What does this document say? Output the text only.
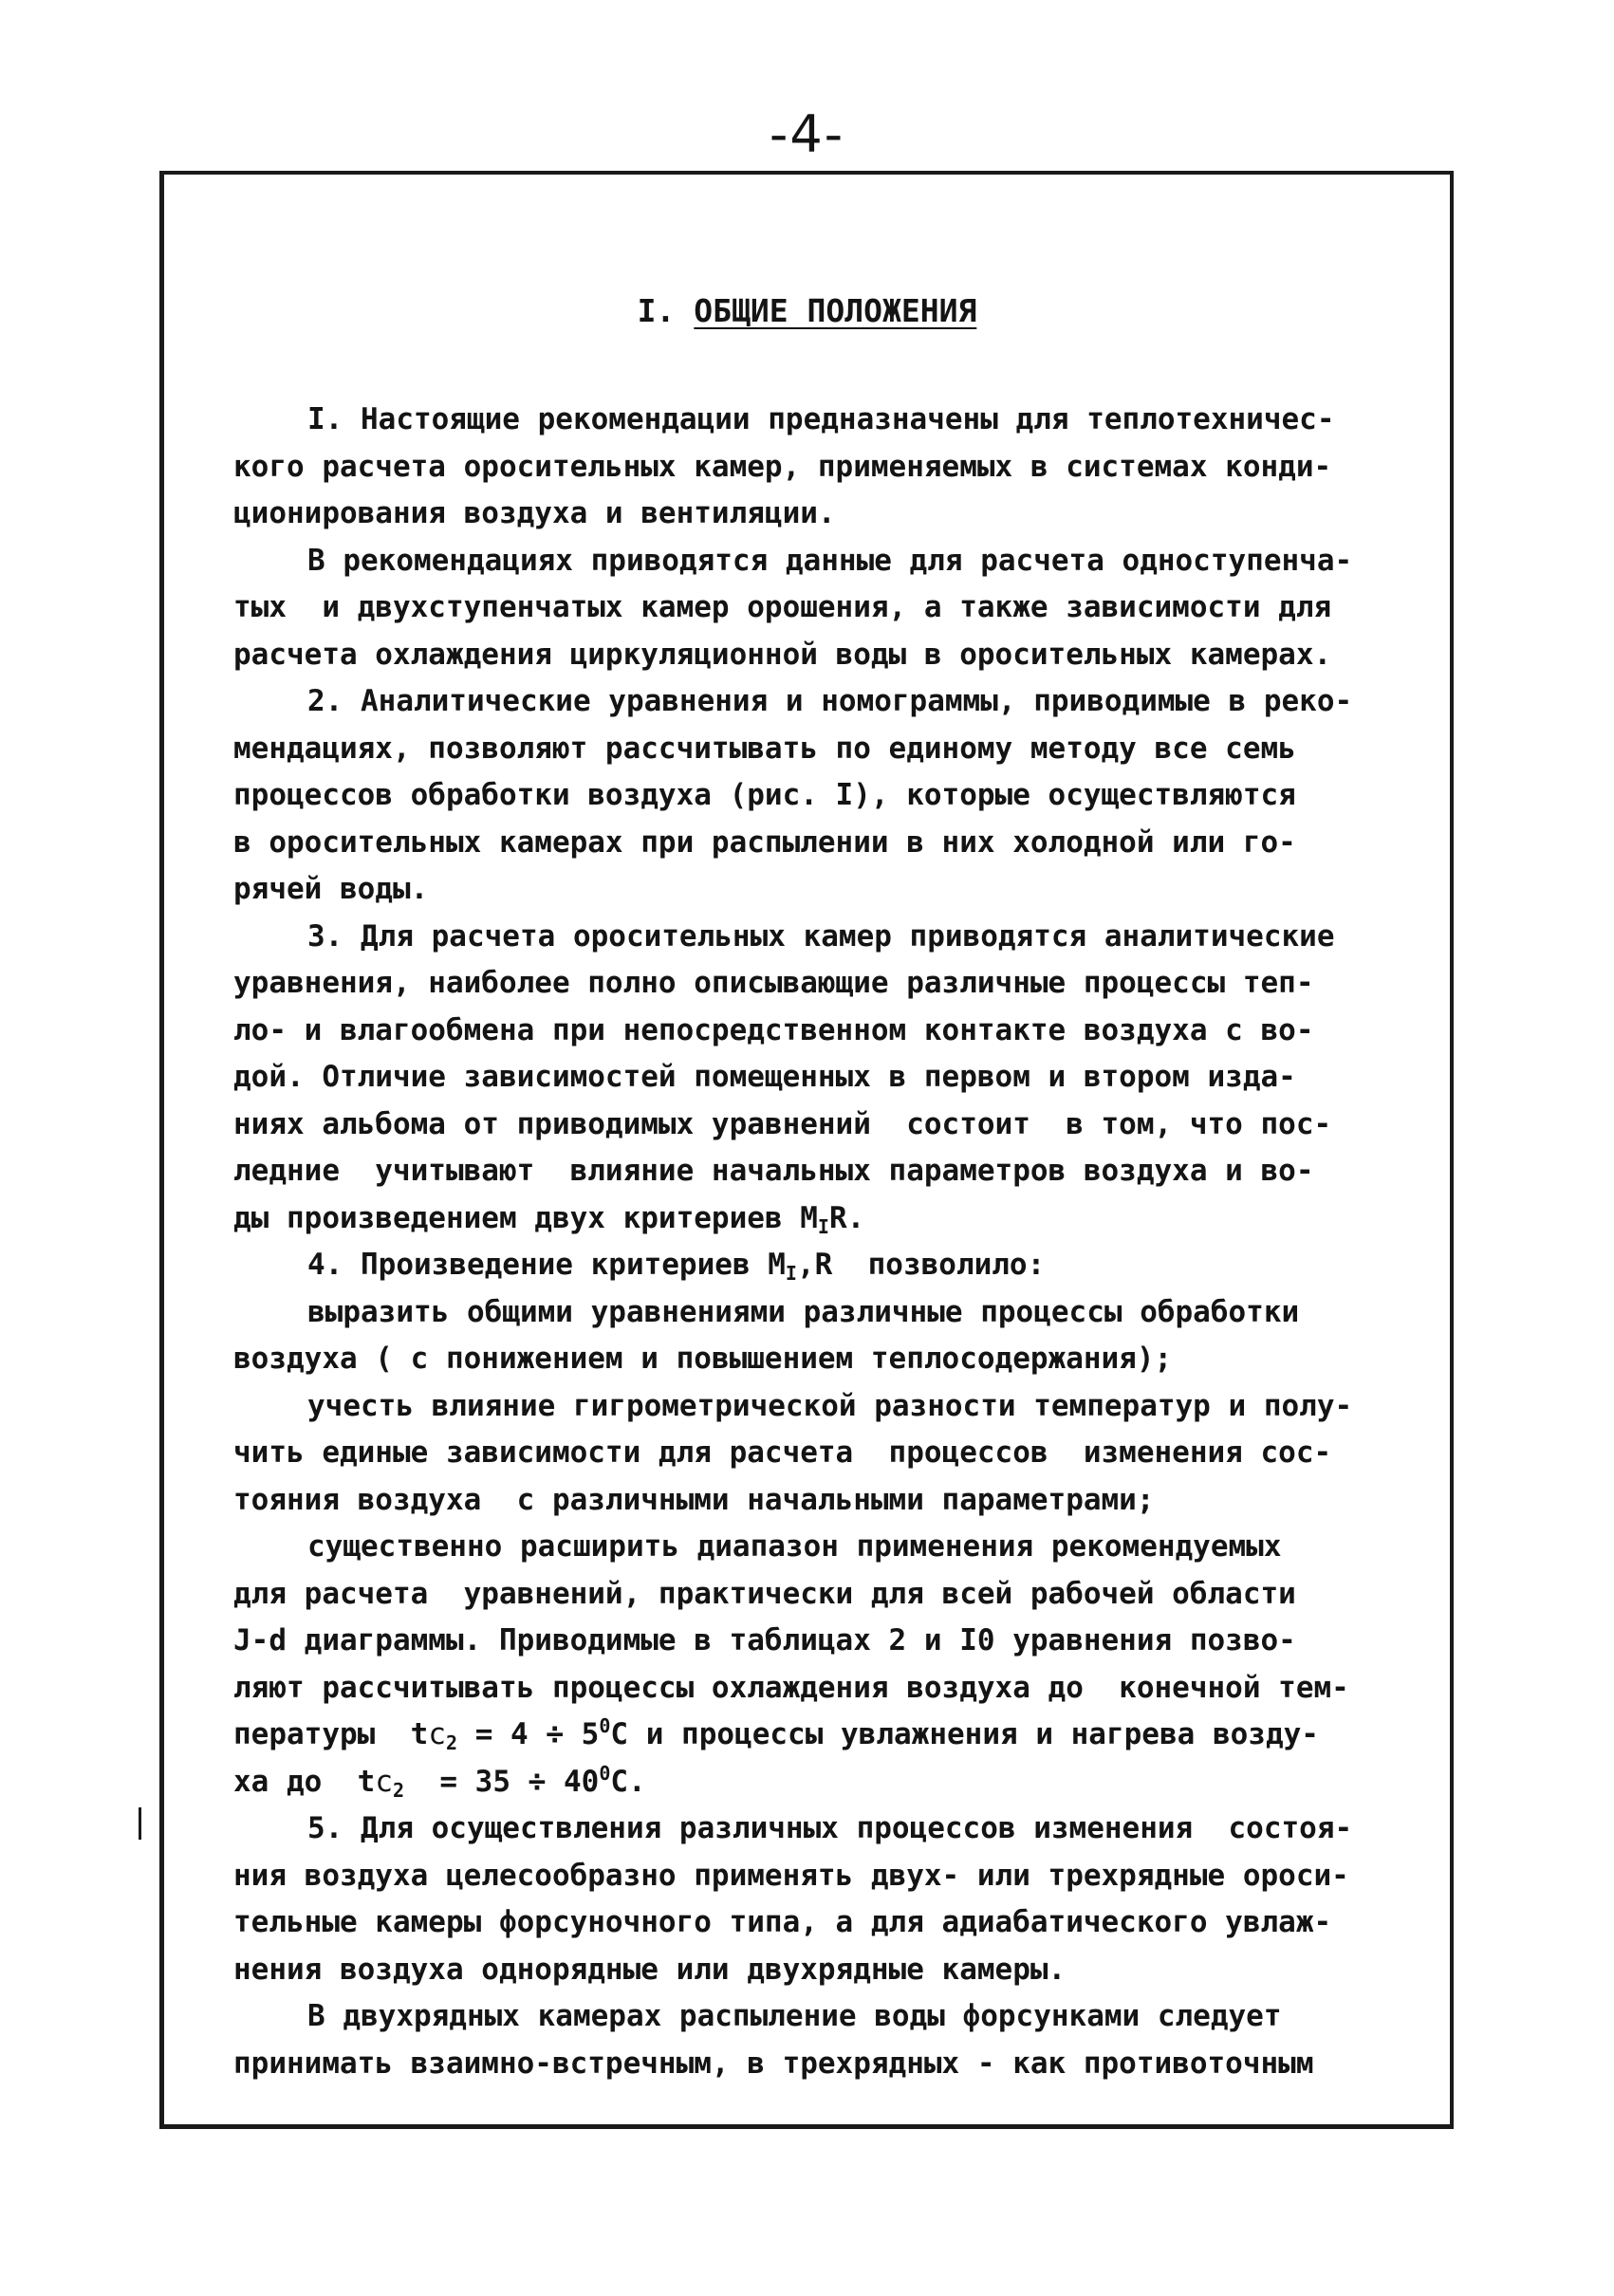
-4-
I. ОБЩИЕ ПОЛОЖЕНИЯ
I. Настоящие рекомендации предназначены для теплотехничес-
кого расчета оросительных камер, применяемых в системах конди-
ционирования воздуха и вентиляции.
В рекомендациях приводятся данные для расчета одноступенча-
тых  и двухступенчатых камер орошения, а также зависимости для
расчета охлаждения циркуляционной воды в оросительных камерах.
2. Аналитические уравнения и номограммы, приводимые в реко-
мендациях, позволяют рассчитывать по единому методу все семь
процессов обработки воздуха (рис. I), которые осуществляются
в оросительных камерах при распылении в них холодной или го-
рячей воды.
3. Для расчета оросительных камер приводятся аналитические
уравнения, наиболее полно описывающие различные процессы теп-
ло- и влагообмена при непосредственном контакте воздуха с во-
дой. Отличие зависимостей помещенных в первом и втором изда-
ниях альбома от приводимых уравнений  состоит  в том, что пос-
ледние  учитывают  влияние начальных параметров воздуха и во-
ды произведением двух критериев $M_IR$.
4. Произведение критериев $M_I,R$  позволило:
выразить общими уравнениями различные процессы обработки
воздуха ( с понижением и повышением теплосодержания);
учесть влияние гигрометрической разности температур и полу-
чить единые зависимости для расчета  процессов  изменения сос-
тояния воздуха  с различными начальными параметрами;
существенно расширить диапазон применения рекомендуемых
для расчета  уравнений, практически для всей рабочей области
J-d диаграммы. Приводимые в таблицах 2 и I0 уравнения позво-
ляют рассчитывать процессы охлаждения воздуха до  конечной тем-
пературы  $tc_2 = 4 \div 5^0C$ и процессы увлажнения и нагрева возду-
ха до  $tc_2 = 35 \div 40^0C$.
5. Для осуществления различных процессов изменения  состоя-
ния воздуха целесообразно применять двух- или трехрядные ороси-
тельные камеры форсуночного типа, а для адиабатического увлаж-
нения воздуха однорядные или двухрядные камеры.
В двухрядных камерах распыление воды форсунками следует
принимать взаимно-встречным, в трехрядных - как противоточным
